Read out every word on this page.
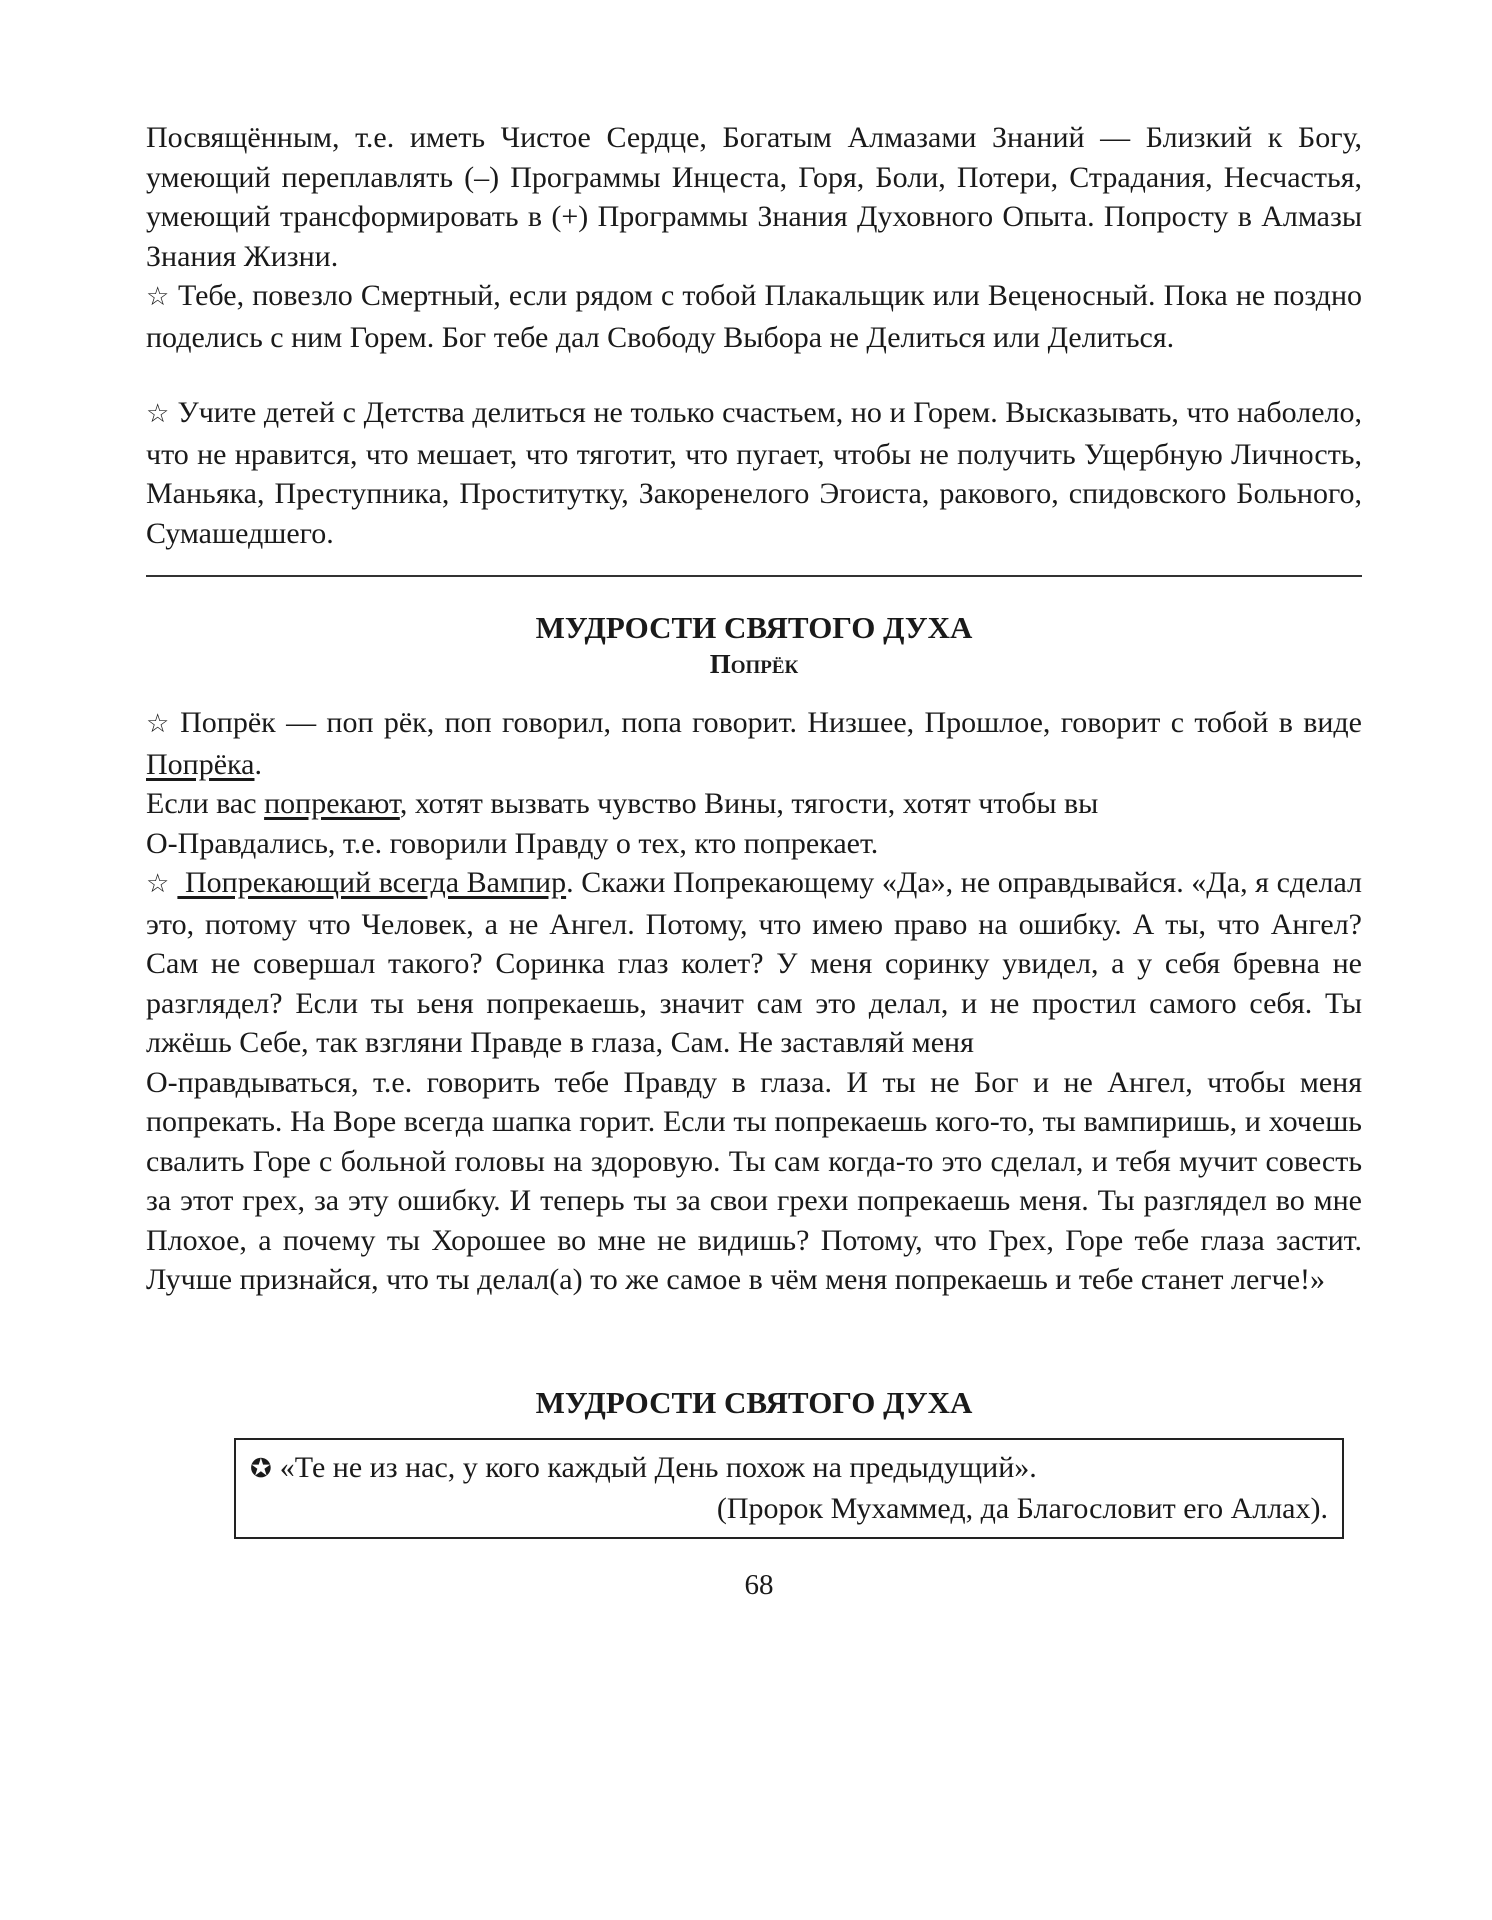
Посвящённым, т.е. иметь Чистое Сердце, Богатым Алмазами Знаний — Близкий к Богу, умеющий переплавлять (–) Программы Инцеста, Горя, Боли, Потери, Страдания, Несчастья, умеющий трансформировать в (+) Программы Знания Духовного Опыта. Попросту в Алмазы Знания Жизни.

☆ Тебе, повезло Смертный, если рядом с тобой Плакальщик или Веценосный. Пока не поздно поделись с ним Горем. Бог тебе дал Свободу Выбора не Делиться или Делиться.

☆ Учите детей с Детства делиться не только счастьем, но и Горем. Высказывать, что наболело, что не нравится, что мешает, что тяготит, что пугает, чтобы не получить Ущербную Личность, Маньяка, Преступника, Проститутку, Закоренелого Эгоиста, ракового, спидовского Больного, Сумашедшего.

МУДРОСТИ СВЯТОГО ДУХА
Попрёк

☆ Попрёк — поп рёк, поп говорил, попа говорит. Низшее, Прошлое, говорит с тобой в виде Попрёка.

Если вас попрекают, хотят вызвать чувство Вины, тягости, хотят чтобы вы

О-Правдались, т.е. говорили Правду о тех, кто попрекает.

☆ Попрекающий всегда Вампир. Скажи Попрекающему «Да», не оправдывайся. «Да, я сделал это, потому что Человек, а не Ангел. Потому, что имею право на ошибку. А ты, что Ангел? Сам не совершал такого? Соринка глаз колет? У меня соринку увидел, а у себя бревна не разглядел? Если ты ьеня попрекаешь, значит сам это делал, и не простил самого себя. Ты лжёшь Себе, так взгляни Правде в глаза, Сам. Не заставляй меня

О-правдываться, т.е. говорить тебе Правду в глаза. И ты не Бог и не Ангел, чтобы меня попрекать. На Воре всегда шапка горит. Если ты попрекаешь кого-то, ты вампиришь, и хочешь свалить Горе с больной головы на здоровую. Ты сам когда-то это сделал, и тебя мучит совесть за этот грех, за эту ошибку. И теперь ты за свои грехи попрекаешь меня. Ты разглядел во мне Плохое, а почему ты Хорошее во мне не видишь? Потому, что Грех, Горе тебе глаза застит. Лучше признайся, что ты делал(а) то же самое в чём меня попрекаешь и тебе станет легче!»

МУДРОСТИ СВЯТОГО ДУХА
✪ «Те не из нас, у кого каждый День похож на предыдущий».
(Пророк Мухаммед, да Благословит его Аллах).
68
